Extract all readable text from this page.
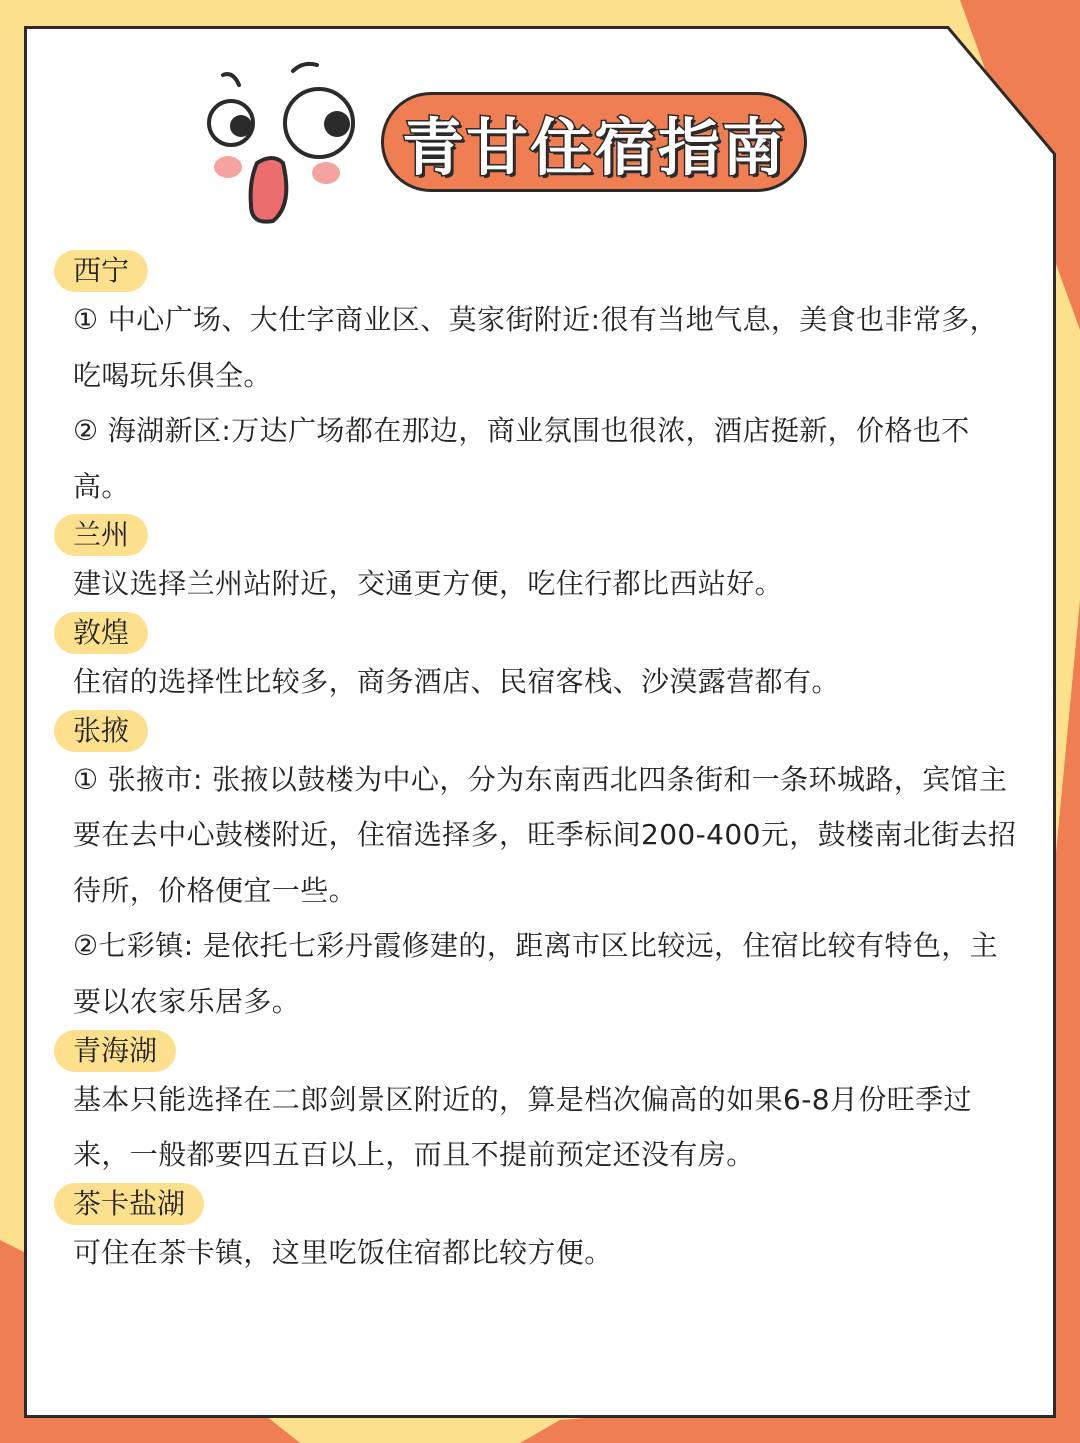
青甘住宿指南
西宁

① 中心广场、大仕字商业区、莫家街附近:很有当地气息，美食也非常多，吃喝玩乐俱全。

② 海湖新区:万达广场都在那边，商业氛围也很浓，酒店挺新，价格也不高。

兰州

建议选择兰州站附近，交通更方便，吃住行都比西站好。

敦煌

住宿的选择性比较多，商务酒店、民宿客栈、沙漠露营都有。

张掖

① 张掖市: 张掖以鼓楼为中心，分为东南西北四条街和一条环城路，宾馆主要在去中心鼓楼附近，住宿选择多，旺季标间200-400元，鼓楼南北街去招待所，价格便宜一些。

②七彩镇: 是依托七彩丹霞修建的，距离市区比较远，住宿比较有特色，主要以农家乐居多。

青海湖

基本只能选择在二郎剑景区附近的，算是档次偏高的如果6-8月份旺季过来，一般都要四五百以上，而且不提前预定还没有房。

茶卡盐湖

可住在茶卡镇，这里吃饭住宿都比较方便。
